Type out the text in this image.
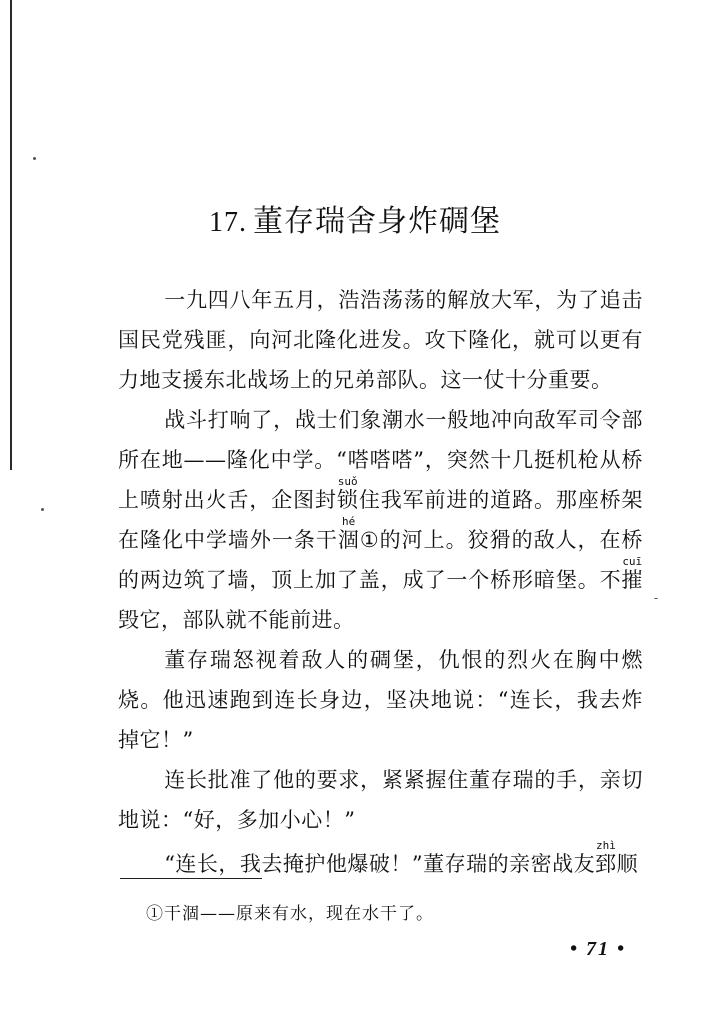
17. 董存瑞舍身炸碉堡

一九四八年五月，浩浩荡荡的解放大军，为了追击国民党残匪，向河北隆化进发。攻下隆化，就可以更有力地支援东北战场上的兄弟部队。这一仗十分重要。

战斗打响了，战士们象潮水一般地冲向敌军司令部所在地——隆化中学。“嗒嗒嗒”，突然十几挺机枪从桥上喷射出火舌，企图封锁suǒ住我军前进的道路。那座桥架在隆化中学墙外一条干涸hé①的河上。狡猾的敌人，在桥的两边筑了墙，顶上加了盖，成了一个桥形暗堡。不摧cuī毁它，部队就不能前进。

董存瑞怒视着敌人的碉堡，仇恨的烈火在胸中燃烧。他迅速跑到连长身边，坚决地说：“连长，我去炸掉它！”

连长批准了他的要求，紧紧握住董存瑞的手，亲切地说：“好，多加小心！”

“连长，我去掩护他爆破！”董存瑞的亲密战友郅zhì顺

①干涸——原来有水，现在水干了。
• 71 •
